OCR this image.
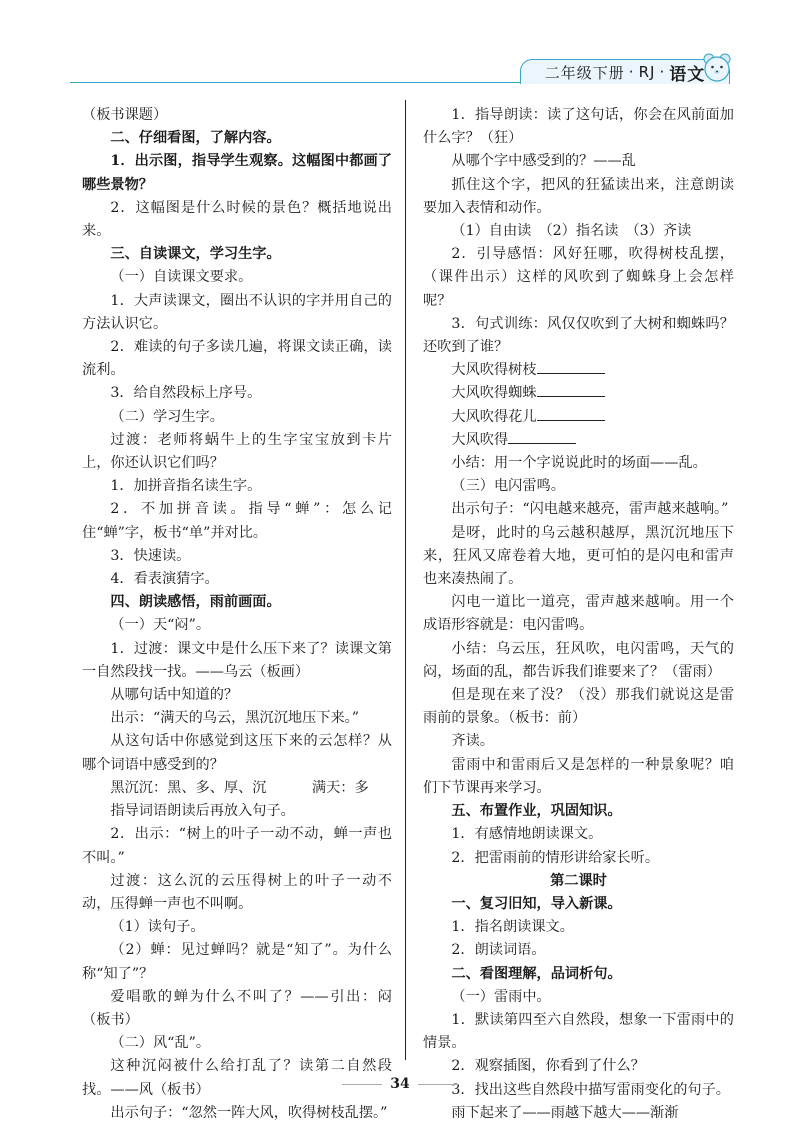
二年级下册 · RJ · 语文

（板书课题）

二、仔细看图，了解内容。

1．出示图，指导学生观察。这幅图中都画了哪些景物？

2．这幅图是什么时候的景色？概括地说出来。

三、自读课文，学习生字。

（一）自读课文要求。

1．大声读课文，圈出不认识的字并用自己的方法认识它。

2．难读的句子多读几遍，将课文读正确，读流利。

3．给自然段标上序号。

（二）学习生字。

过渡：老师将蜗牛上的生字宝宝放到卡片上，你还认识它们吗？

1．加拼音指名读生字。

2．不加拼音读。指导“蝉”：怎么记住“蝉”字，板书“单”并对比。

3．快速读。

4．看表演猜字。

四、朗读感悟，雨前画面。

（一）天“闷”。

1．过渡：课文中是什么压下来了？读课文第一自然段找一找。——乌云（板画）

从哪句话中知道的？

出示：“满天的乌云，黑沉沉地压下来。”

从这句话中你感觉到这压下来的云怎样？从哪个词语中感受到的？

黑沉沉：黑、多、厚、沉	满天：多

指导词语朗读后再放入句子。

2．出示：“树上的叶子一动不动，蝉一声也不叫。”

过渡：这么沉的云压得树上的叶子一动不动，压得蝉一声也不叫啊。

（1）读句子。

（2）蝉：见过蝉吗？就是“知了”。为什么称“知了”？

爱唱歌的蝉为什么不叫了？——引出：闷（板书）

（二）风“乱”。

这种沉闷被什么给打乱了？读第二自然段找。——风（板书）

出示句子：“忽然一阵大风，吹得树枝乱摆。”

1．指导朗读：读了这句话，你会在风前面加什么字？（狂）

从哪个字中感受到的？——乱

抓住这个字，把风的狂猛读出来，注意朗读要加入表情和动作。

（1）自由读　（2）指名读　（3）齐读

2．引导感悟：风好狂哪，吹得树枝乱摆，（课件出示）这样的风吹到了蜘蛛身上会怎样呢？

3．句式训练：风仅仅吹到了大树和蜘蛛吗？还吹到了谁？

大风吹得树枝

大风吹得蜘蛛

大风吹得花儿

大风吹得

小结：用一个字说说此时的场面——乱。

（三）电闪雷鸣。

出示句子：“闪电越来越亮，雷声越来越响。”

是呀，此时的乌云越积越厚，黑沉沉地压下来，狂风又席卷着大地，更可怕的是闪电和雷声也来凑热闹了。

闪电一道比一道亮，雷声越来越响。用一个成语形容就是：电闪雷鸣。

小结：乌云压，狂风吹，电闪雷鸣，天气的闷，场面的乱，都告诉我们谁要来了？（雷雨）

但是现在来了没？（没）那我们就说这是雷雨前的景象。（板书：前）

齐读。

雷雨中和雷雨后又是怎样的一种景象呢？咱们下节课再来学习。

五、布置作业，巩固知识。

1．有感情地朗读课文。

2．把雷雨前的情形讲给家长听。

第二课时

一、复习旧知，导入新课。

1．指名朗读课文。

2．朗读词语。

二、看图理解，品词析句。

（一）雷雨中。

1．默读第四至六自然段，想象一下雷雨中的情景。

2．观察插图，你看到了什么？

3．找出这些自然段中描写雷雨变化的句子。

雨下起来了——雨越下越大——渐渐

34
